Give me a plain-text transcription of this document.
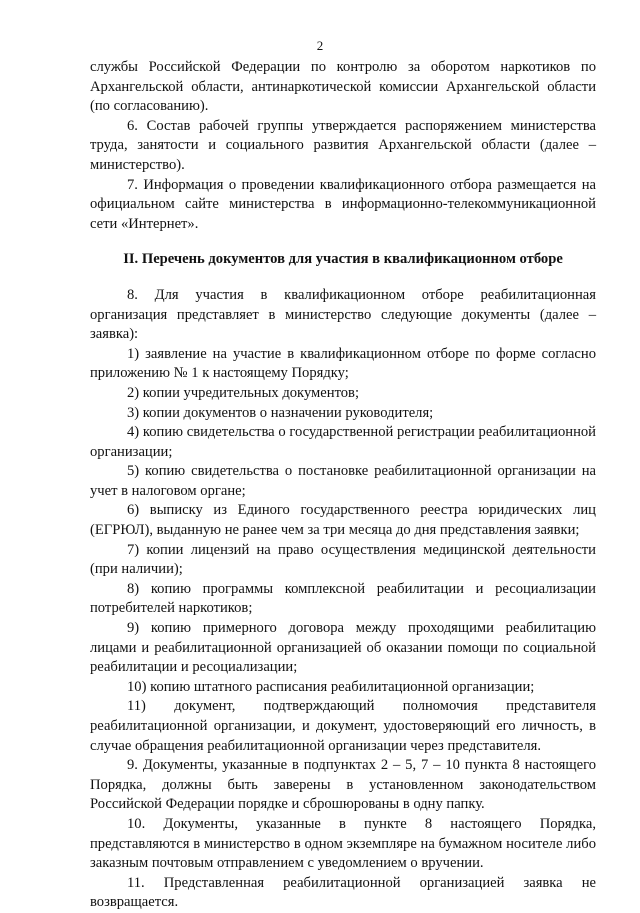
2

службы Российской Федерации по контролю за оборотом наркотиков по Архангельской области, антинаркотической комиссии Архангельской области (по согласованию).

6. Состав рабочей группы утверждается распоряжением министерства труда, занятости и социального развития Архангельской области (далее – министерство).

7. Информация о проведении квалификационного отбора размещается на официальном сайте министерства в информационно-телекоммуникационной сети «Интернет».

II. Перечень документов для участия в квалификационном отборе

8. Для участия в квалификационном отборе реабилитационная организация представляет в министерство следующие документы (далее – заявка):

1) заявление на участие в квалификационном отборе по форме согласно приложению № 1 к настоящему Порядку;

2) копии учредительных документов;

3) копии документов о назначении руководителя;

4) копию свидетельства о государственной регистрации реабилитационной организации;

5) копию свидетельства о постановке реабилитационной организации на учет в налоговом органе;

6) выписку из Единого государственного реестра юридических лиц (ЕГРЮЛ), выданную не ранее чем за три месяца до дня представления заявки;

7) копии лицензий на право осуществления медицинской деятельности (при наличии);

8) копию программы комплексной реабилитации и ресоциализации потребителей наркотиков;

9) копию примерного договора между проходящими реабилитацию лицами и реабилитационной организацией об оказании помощи по социальной реабилитации и ресоциализации;

10) копию штатного расписания реабилитационной организации;

11) документ, подтверждающий полномочия представителя реабилитационной организации, и документ, удостоверяющий его личность, в случае обращения реабилитационной организации через представителя.

9. Документы, указанные в подпунктах 2 – 5, 7 – 10 пункта 8 настоящего Порядка, должны быть заверены в установленном законодательством Российской Федерации порядке и сброшюрованы в одну папку.

10. Документы, указанные в пункте 8 настоящего Порядка, представляются в министерство в одном экземпляре на бумажном носителе либо заказным почтовым отправлением с уведомлением о вручении.

11. Представленная реабилитационной организацией заявка не возвращается.
